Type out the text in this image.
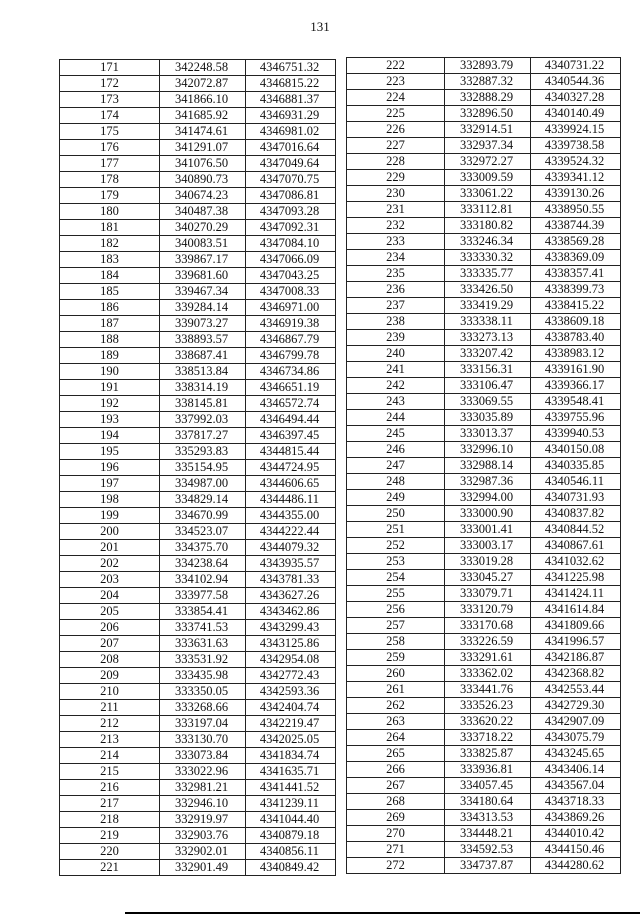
131
171	342248.58	4346751.32
172	342072.87	4346815.22
173	341866.10	4346881.37
174	341685.92	4346931.29
175	341474.61	4346981.02
176	341291.07	4347016.64
177	341076.50	4347049.64
178	340890.73	4347070.75
179	340674.23	4347086.81
180	340487.38	4347093.28
181	340270.29	4347092.31
182	340083.51	4347084.10
183	339867.17	4347066.09
184	339681.60	4347043.25
185	339467.34	4347008.33
186	339284.14	4346971.00
187	339073.27	4346919.38
188	338893.57	4346867.79
189	338687.41	4346799.78
190	338513.84	4346734.86
191	338314.19	4346651.19
192	338145.81	4346572.74
193	337992.03	4346494.44
194	337817.27	4346397.45
195	335293.83	4344815.44
196	335154.95	4344724.95
197	334987.00	4344606.65
198	334829.14	4344486.11
199	334670.99	4344355.00
200	334523.07	4344222.44
201	334375.70	4344079.32
202	334238.64	4343935.57
203	334102.94	4343781.33
204	333977.58	4343627.26
205	333854.41	4343462.86
206	333741.53	4343299.43
207	333631.63	4343125.86
208	333531.92	4342954.08
209	333435.98	4342772.43
210	333350.05	4342593.36
211	333268.66	4342404.74
212	333197.04	4342219.47
213	333130.70	4342025.05
214	333073.84	4341834.74
215	333022.96	4341635.71
216	332981.21	4341441.52
217	332946.10	4341239.11
218	332919.97	4341044.40
219	332903.76	4340879.18
220	332902.01	4340856.11
221	332901.49	4340849.42
222	332893.79	4340731.22
223	332887.32	4340544.36
224	332888.29	4340327.28
225	332896.50	4340140.49
226	332914.51	4339924.15
227	332937.34	4339738.58
228	332972.27	4339524.32
229	333009.59	4339341.12
230	333061.22	4339130.26
231	333112.81	4338950.55
232	333180.82	4338744.39
233	333246.34	4338569.28
234	333330.32	4338369.09
235	333335.77	4338357.41
236	333426.50	4338399.73
237	333419.29	4338415.22
238	333338.11	4338609.18
239	333273.13	4338783.40
240	333207.42	4338983.12
241	333156.31	4339161.90
242	333106.47	4339366.17
243	333069.55	4339548.41
244	333035.89	4339755.96
245	333013.37	4339940.53
246	332996.10	4340150.08
247	332988.14	4340335.85
248	332987.36	4340546.11
249	332994.00	4340731.93
250	333000.90	4340837.82
251	333001.41	4340844.52
252	333003.17	4340867.61
253	333019.28	4341032.62
254	333045.27	4341225.98
255	333079.71	4341424.11
256	333120.79	4341614.84
257	333170.68	4341809.66
258	333226.59	4341996.57
259	333291.61	4342186.87
260	333362.02	4342368.82
261	333441.76	4342553.44
262	333526.23	4342729.30
263	333620.22	4342907.09
264	333718.22	4343075.79
265	333825.87	4343245.65
266	333936.81	4343406.14
267	334057.45	4343567.04
268	334180.64	4343718.33
269	334313.53	4343869.26
270	334448.21	4344010.42
271	334592.53	4344150.46
272	334737.87	4344280.62
